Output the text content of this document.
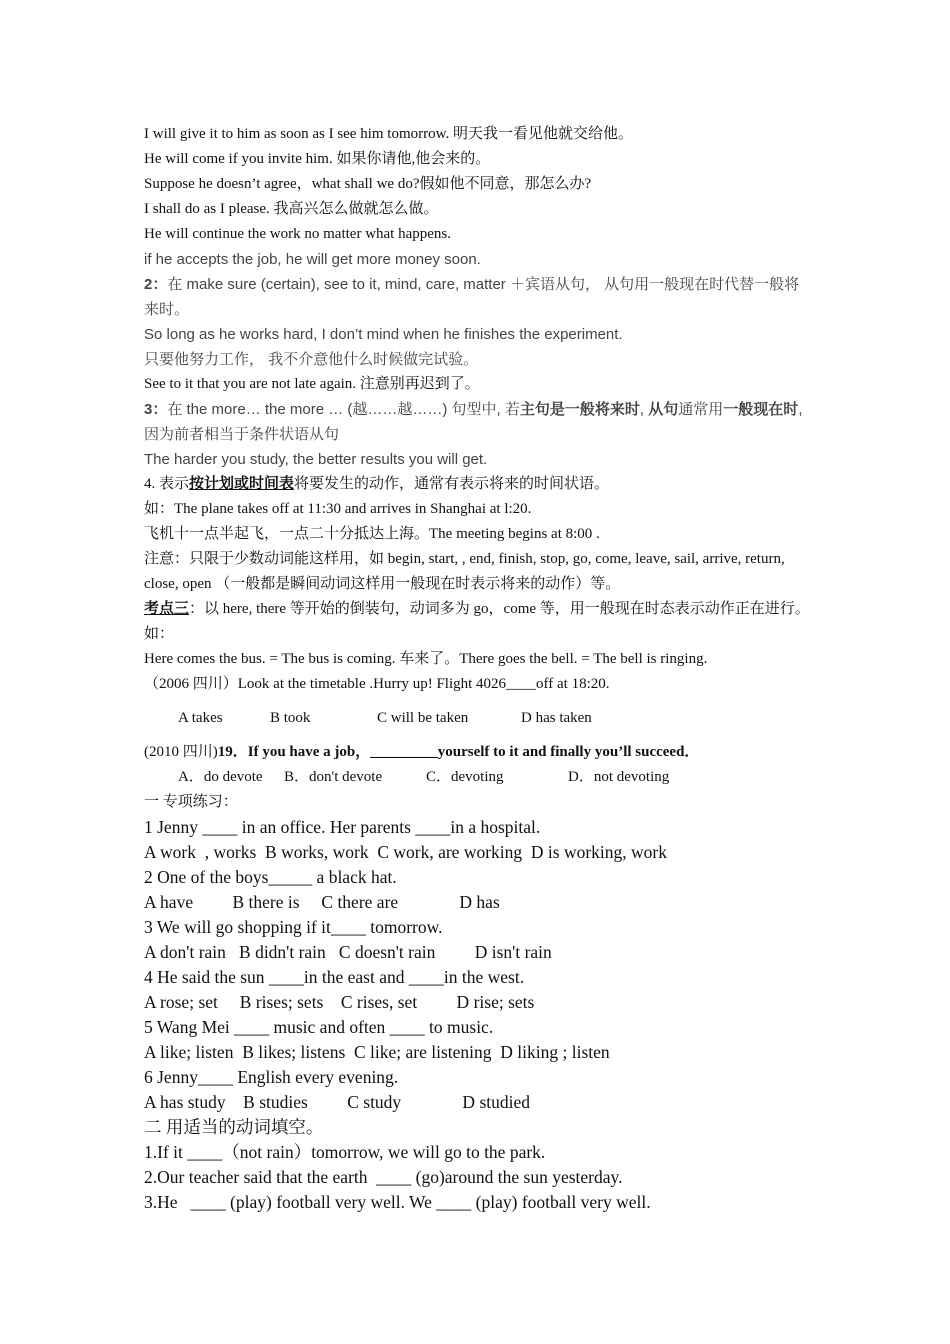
I will give it to him as soon as I see him tomorrow. 明天我一看见他就交给他。
He will come if you invite him. 如果你请他,他会来的。
Suppose he doesn’t agree，what shall we do?假如他不同意，那怎么办?
I shall do as I please. 我高兴怎么做就怎么做。
He will continue the work no matter what happens.
if he accepts the job, he will get more money soon.
2：在 make sure (certain), see to it, mind, care, matter ＋宾语从句， 从句用一般现在时代替一般将来时。
So long as he works hard, I don’t mind when he finishes the experiment.
只要他努力工作， 我不介意他什么时候做完试验。
See to it that you are not late again. 注意别再迟到了。
3：在 the more… the more … (越……越……) 句型中, 若主句是一般将来时, 从句通常用一般现在时, 因为前者相当于条件状语从句
The harder you study, the better results you will get.
4. 表示按计划或时间表将要发生的动作，通常有表示将来的时间状语。
如：The plane takes off at 11:30 and arrives in Shanghai at l:20.
飞机十一点半起飞，一点二十分抵达上海。The meeting begins at 8:00 .
注意：只限于少数动词能这样用，如 begin, start, , end, finish, stop, go, come, leave, sail, arrive, return, close, open （一般都是瞬间动词这样用一般现在时表示将来的动作）等。
考点三：以 here, there 等开始的倒装句，动词多为 go，come 等，用一般现在时态表示动作正在进行。如：
Here comes the bus. = The bus is coming. 车来了。There goes the bell. = The bell is ringing.
（2006 四川）Look at the timetable .Hurry up! Flight 4026____off at 18:20.
A takes	B took	C will be taken	D has taken
(2010 四川)19．If you have a job，_________yourself to it and finally you’ll succeed．
A．do devote B．don't devote	C．devoting	D．not devoting
一 专项练习：
1 Jenny ____ in an office. Her parents ____in a hospital.
A work  , works  B works, work  C work, are working  D is working, work
2 One of the boys_____ a black hat.
A have         B there is     C there are              D has
3 We will go shopping if it____ tomorrow.
A don't rain   B didn't rain   C doesn't rain         D isn't rain
4 He said the sun ____in the east and ____in the west.
A rose; set     B rises; sets    C rises, set         D rise; sets
5 Wang Mei ____ music and often ____ to music.
A like; listen  B likes; listens  C like; are listening  D liking ; listen
6 Jenny____ English every evening.
A has study    B studies         C study              D studied
二 用适当的动词填空。
1.If it ____（not rain）tomorrow, we will go to the park.
2.Our teacher said that the earth  ____ (go)around the sun yesterday.
3.He   ____ (play) football very well. We ____ (play) football very well.
